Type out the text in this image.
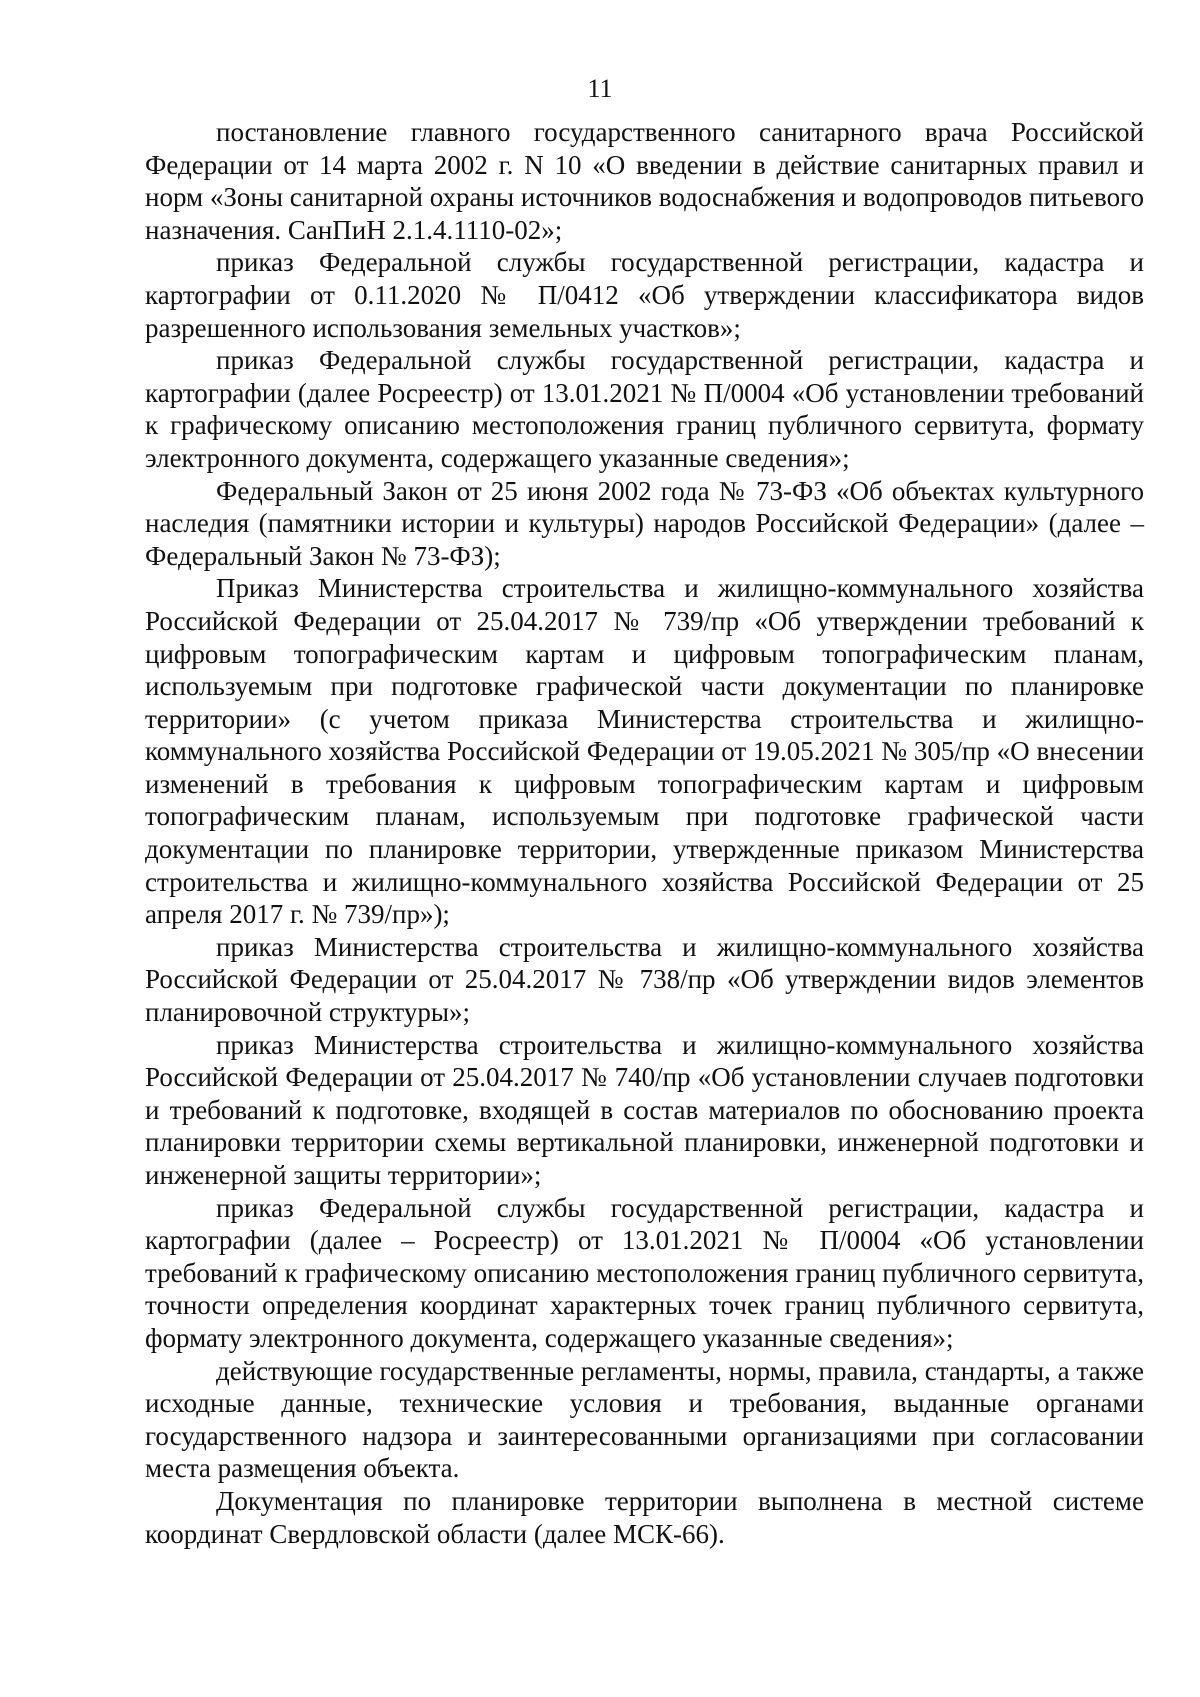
11

постановление главного государственного санитарного врача Российской Федерации от 14 марта 2002 г. N 10 «О введении в действие санитарных правил и норм «Зоны санитарной охраны источников водоснабжения и водопроводов питьевого назначения. СанПиН 2.1.4.1110-02»;

приказ Федеральной службы государственной регистрации, кадастра и картографии от 0.11.2020 № П/0412 «Об утверждении классификатора видов разрешенного использования земельных участков»;

приказ Федеральной службы государственной регистрации, кадастра и картографии (далее Росреестр) от 13.01.2021 № П/0004 «Об установлении требований к графическому описанию местоположения границ публичного сервитута, формату электронного документа, содержащего указанные сведения»;

Федеральный Закон от 25 июня 2002 года № 73-ФЗ «Об объектах культурного наследия (памятники истории и культуры) народов Российской Федерации» (далее – Федеральный Закон № 73-ФЗ);

Приказ Министерства строительства и жилищно-коммунального хозяйства Российской Федерации от 25.04.2017 № 739/пр «Об утверждении требований к цифровым топографическим картам и цифровым топографическим планам, используемым при подготовке графической части документации по планировке территории» (с учетом приказа Министерства строительства и жилищно-коммунального хозяйства Российской Федерации от 19.05.2021 № 305/пр «О внесении изменений в требования к цифровым топографическим картам и цифровым топографическим планам, используемым при подготовке графической части документации по планировке территории, утвержденные приказом Министерства строительства и жилищно-коммунального хозяйства Российской Федерации от 25 апреля 2017 г. № 739/пр»);

приказ Министерства строительства и жилищно-коммунального хозяйства Российской Федерации от 25.04.2017 № 738/пр «Об утверждении видов элементов планировочной структуры»;

приказ Министерства строительства и жилищно-коммунального хозяйства Российской Федерации от 25.04.2017 № 740/пр «Об установлении случаев подготовки и требований к подготовке, входящей в состав материалов по обоснованию проекта планировки территории схемы вертикальной планировки, инженерной подготовки и инженерной защиты территории»;

приказ Федеральной службы государственной регистрации, кадастра и картографии (далее – Росреестр) от 13.01.2021 № П/0004 «Об установлении требований к графическому описанию местоположения границ публичного сервитута, точности определения координат характерных точек границ публичного сервитута, формату электронного документа, содержащего указанные сведения»;

действующие государственные регламенты, нормы, правила, стандарты, а также исходные данные, технические условия и требования, выданные органами государственного надзора и заинтересованными организациями при согласовании места размещения объекта.

Документация по планировке территории выполнена в местной системе координат Свердловской области (далее МСК-66).
